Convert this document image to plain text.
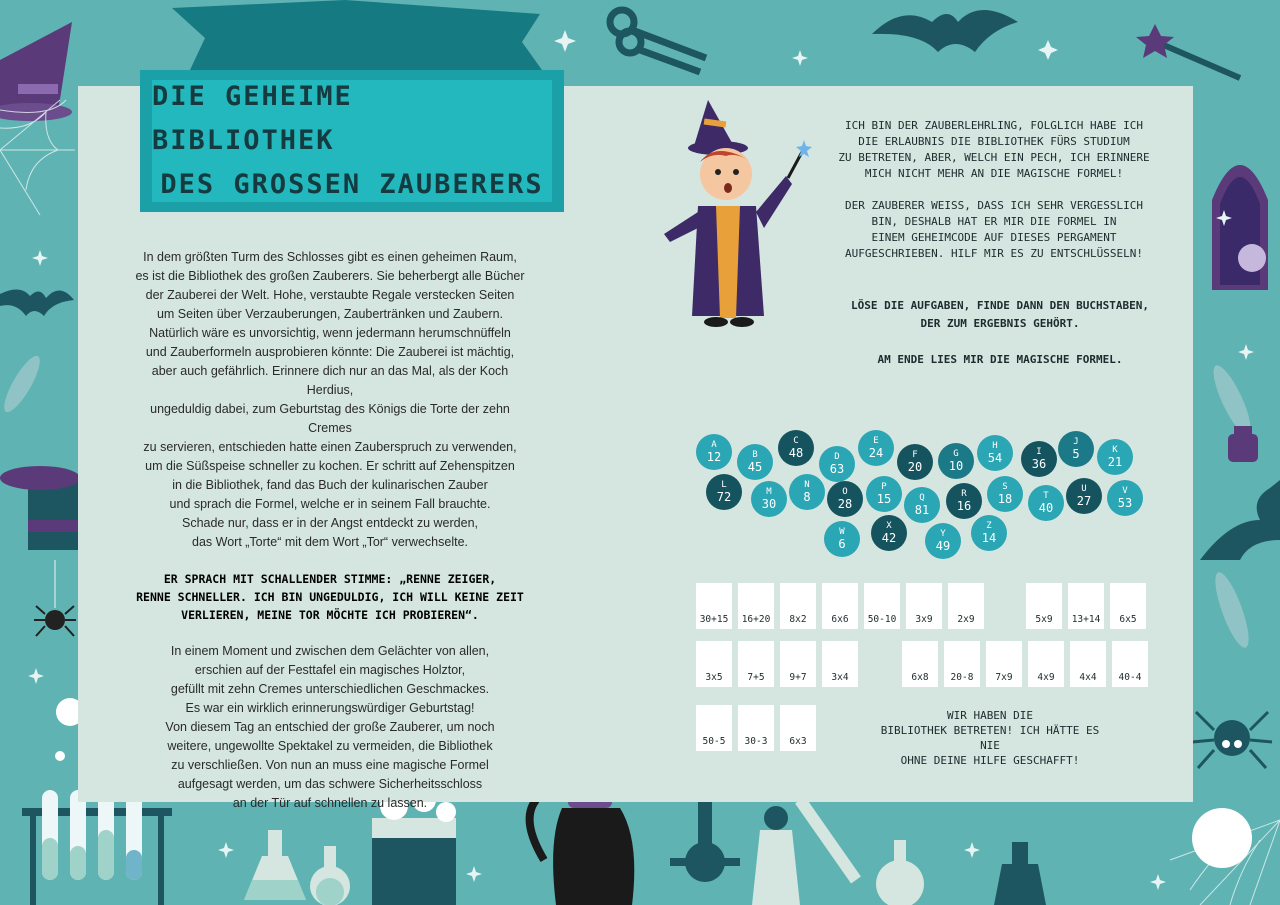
DIE GEHEIME BIBLIOTHEK
DES GROSSEN ZAUBERERS

In dem größten Turm des Schlosses gibt es einen geheimen Raum,

es ist die Bibliothek des großen Zauberers. Sie beherbergt alle Bücher

der Zauberei der Welt. Hohe, verstaubte Regale verstecken Seiten

um Seiten über Verzauberungen, Zaubertränken und Zaubern.

Natürlich wäre es unvorsichtig, wenn jedermann herumschnüffeln

und Zauberformeln ausprobieren könnte: Die Zauberei ist mächtig,

aber auch gefährlich. Erinnere dich nur an das Mal, als der Koch Herdius,

ungeduldig dabei, zum Geburtstag des Königs die Torte der zehn Cremes

zu servieren, entschieden hatte einen Zauberspruch zu verwenden,

um die Süßspeise schneller zu kochen. Er schritt auf Zehenspitzen

in die Bibliothek, fand das Buch der kulinarischen Zauber

und sprach die Formel, welche er in seinem Fall brauchte.

Schade nur, dass er in der Angst entdeckt zu werden,

das Wort „Torte“ mit dem Wort „Tor“ verwechselte.

ER SPRACH MIT SCHALLENDER STIMME: „RENNE ZEIGER,
RENNE SCHNELLER. ICH BIN UNGEDULDIG, ICH WILL KEINE ZEIT
VERLIEREN, MEINE TOR MÖCHTE ICH PROBIEREN“.

In einem Moment und zwischen dem Gelächter von allen,

erschien auf der Festtafel ein magisches Holztor,

gefüllt mit zehn Cremes unterschiedlichen Geschmackes.

Es war ein wirklich erinnerungswürdiger Geburtstag!

Von diesem Tag an entschied der große Zauberer, um noch

weitere, ungewollte Spektakel zu vermeiden, die Bibliothek

zu verschließen. Von nun an muss eine magische Formel

aufgesagt werden, um das schwere Sicherheitsschloss

an der Tür auf schnellen zu lassen.

ICH BIN DER ZAUBERLEHRLING, FOLGLICH HABE ICH
DIE ERLAUBNIS DIE BIBLIOTHEK FÜRS STUDIUM
ZU BETRETEN, ABER, WELCH EIN PECH, ICH ERINNERE
MICH NICHT MEHR AN DIE MAGISCHE FORMEL!

DER ZAUBERER WEISS, DASS ICH SEHR VERGESSLICH
BIN, DESHALB HAT ER MIR DIE FORMEL IN
EINEM GEHEIMCODE AUF DIESES PERGAMENT
AUFGESCHRIEBEN. HILF MIR ES ZU ENTSCHLÜSSELN!

LÖSE DIE AUFGABEN, FINDE DANN DEN BUCHSTABEN,
DER ZUM ERGEBNIS GEHÖRT.

AM ENDE LIES MIR DIE MAGISCHE FORMEL.

A
12	B
45
C
48	D
63
E
24	F
20
G
10
H
54	I
36
J
5	K
21
L
72	M
30
N
8	O
28
P
15	Q
81
R
16
S
18	T
40
U
27
V
53
W
6
X
42	Y
49
Z
14
30+15 16+20 8x2	6x6 50-10 3x9	2x9	5x9 13+14 6x5
3x5	7+5	9+7	3x4	6x8 20-8 7x9	4x9	4x4 40-4
50-5 30-3 6x3

WIR HABEN DIE

BIBLIOTHEK BETRETEN! ICH HÄTTE ES NIE

OHNE DEINE HILFE GESCHAFFT!
